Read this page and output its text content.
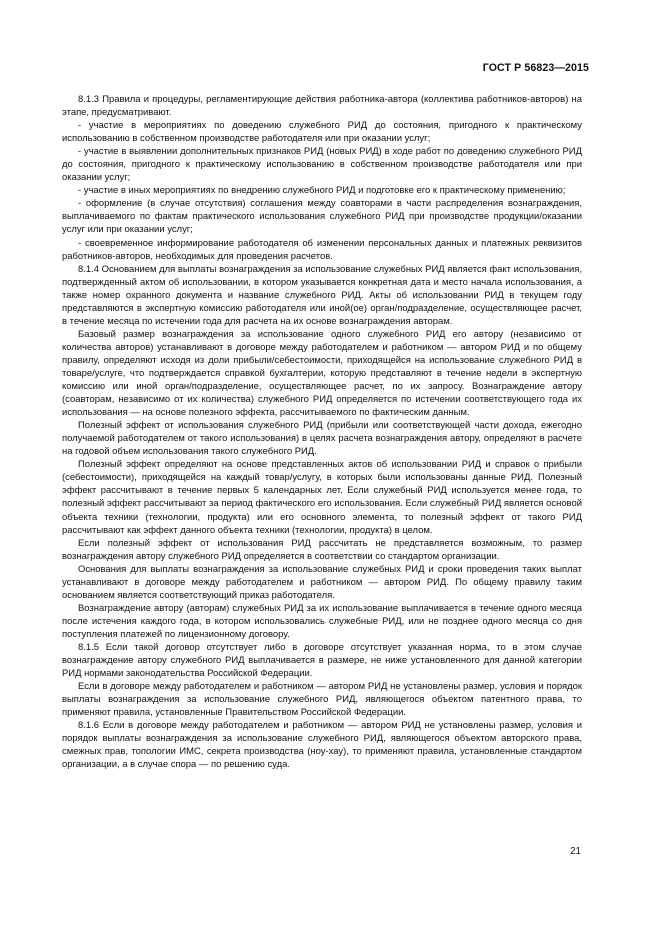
ГОСТ Р 56823—2015

8.1.3 Правила и процедуры, регламентирующие действия работника-автора (коллектива работников-авторов) на этапе, предусматривают.

- участие в мероприятиях по доведению служебного РИД до состояния, пригодного к практическому использованию в собственном производстве работодателя или при оказании услуг;

- участие в выявлении дополнительных признаков РИД (новых РИД) в ходе работ по доведению служебного РИД до состояния, пригодного к практическому использованию в собственном производстве работодателя или при оказании услуг;

- участие в иных мероприятиях по внедрению служебного РИД и подготовке его к практическому применению;

- оформление (в случае отсутствия) соглашения между соавторами в части распределения вознаграждения, выплачиваемого по фактам практического использования служебного РИД при производстве продукции/оказании услуг или при оказании услуг;

- своевременное информирование работодателя об изменении персональных данных и платежных реквизитов работников-авторов, необходимых для проведения расчетов.

8.1.4 Основанием для выплаты вознаграждения за использование служебных РИД является факт использования, подтвержденный актом об использовании, в котором указывается конкретная дата и место начала использования, а также номер охранного документа и название служебного РИД. Акты об использовании РИД в текущем году представляются в экспертную комиссию работодателя или иной(ое) орган/подразделение, осуществляющее расчет, в течение месяца по истечении года для расчета на их основе вознаграждения авторам.

Базовый размер вознаграждения за использование одного служебного РИД его автору (независимо от количества авторов) устанавливают в договоре между работодателем и работником — автором РИД и по общему правилу, определяют исходя из доли прибыли/себестоимости, приходящейся на использование служебного РИД в товаре/услуге, что подтверждается справкой бухгалтерии, которую представляют в течение недели в экспертную комиссию или иной орган/подразделение, осуществляющее расчет, по их запросу. Вознаграждение автору (соавторам, независимо от их количества) служебного РИД определяется по истечении соответствующего года их использования — на основе полезного эффекта, рассчитываемого по фактическим данным.

Полезный эффект от использования служебного РИД (прибыли или соответствующей части дохода, ежегодно получаемой работодателем от такого использования) в целях расчета вознаграждения автору, определяют в расчете на годовой объем использования такого служебного РИД.

Полезный эффект определяют на основе представленных актов об использовании РИД и справок о прибыли (себестоимости), приходящейся на каждый товар/услугу, в которых были использованы данные РИД. Полезный эффект рассчитывают в течение первых 5 календарных лет. Если служебный РИД используется менее года, то полезный эффект рассчитывают за период фактического его использования. Если служебный РИД является основой объекта техники (технологии, продукта) или его основного элемента, то полезный эффект от такого РИД рассчитывают как эффект данного объекта техники (технологии, продукта) в целом.

Если полезный эффект от использования РИД рассчитать не представляется возможным, то размер вознаграждения автору служебного РИД определяется в соответствии со стандартом организации.

Основания для выплаты вознаграждения за использование служебных РИД и сроки проведения таких выплат устанавливают в договоре между работодателем и работником — автором РИД. По общему правилу таким основанием является соответствующий приказ работодателя.

Вознаграждение автору (авторам) служебных РИД за их использование выплачивается в течение одного месяца после истечения каждого года, в котором использовались служебные РИД, или не позднее одного месяца со дня поступления платежей по лицензионному договору.

8.1.5 Если такой договор отсутствует либо в договоре отсутствует указанная норма, то в этом случае вознаграждение автору служебного РИД выплачивается в размере, не ниже установленного для данной категории РИД нормами законодательства Российской Федерации.

Если в договоре между работодателем и работником — автором РИД не установлены размер, условия и порядок выплаты вознаграждения за использование служебного РИД, являющегося объектом патентного права, то применяют правила, установленные Правительством Российской Федерации.

8.1.6 Если в договоре между работодателем и работником — автором РИД не установлены размер, условия и порядок выплаты вознаграждения за использование служебного РИД, являющегося объектом авторского права, смежных прав, топологии ИМС, секрета производства (ноу-хау), то применяют правила, установленные стандартом организации, а в случае спора — по решению суда.

21
